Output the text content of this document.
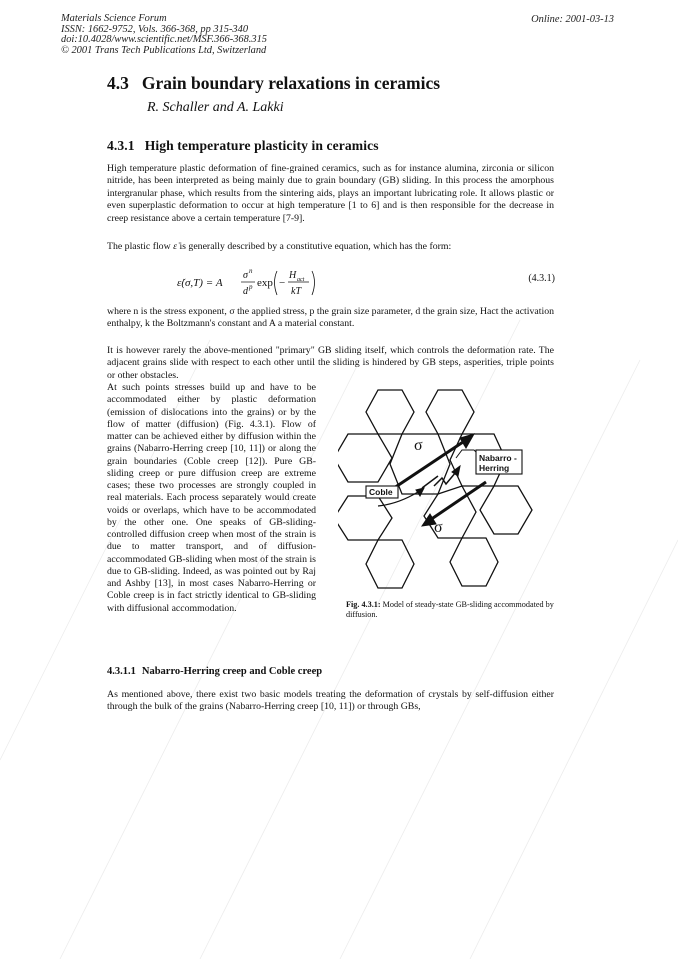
Materials Science Forum
ISSN: 1662-9752, Vols. 366-368, pp 315-340
doi:10.4028/www.scientific.net/MSF.366-368.315
© 2001 Trans Tech Publications Ltd, Switzerland
Online: 2001-03-13
4.3 Grain boundary relaxations in ceramics
R. Schaller and A. Lakki
4.3.1 High temperature plasticity in ceramics

High temperature plastic deformation of fine-grained ceramics, such as for instance alumina, zirconia or silicon nitride, has been interpreted as being mainly due to grain boundary (GB) sliding. In this process the amorphous intergranular phase, which results from the sintering aids, plays an important lubricating role. It allows plastic or even superplastic deformation to occur at high temperature [1 to 6] and is then responsible for the decrease in creep resistance above a certain temperature [7-9].

The plastic flow ε̇ is generally described by a constitutive equation, which has the form:

ε̇(σ,T) = A
σ n
d p exp −
H act
kT
(4.3.1)

where n is the stress exponent, σ the applied stress, p the grain size parameter, d the grain size, Hact the activation enthalpy, k the Boltzmann's constant and A a material constant.

It is however rarely the above-mentioned "primary" GB sliding itself, which controls the deformation rate. The adjacent grains slide with respect to each other until the sliding is hindered by GB steps, asperities, triple points or other obstacles.

At such points stresses build up and have to be accommodated either by plastic deformation (emission of dislocations into the grains) or by the flow of matter (diffusion) (Fig. 4.3.1). Flow of matter can be achieved either by diffusion within the grains (Nabarro-Herring creep [10, 11]) or along the grain boundaries (Coble creep [12]). Pure GB-sliding creep or pure diffusion creep are extreme cases; these two processes are strongly coupled in real materials. Each process separately would create voids or overlaps, which have to be accommodated by the other one. One speaks of GB-sliding-controlled diffusion creep when most of the strain is due to matter transport, and of diffusion-accommodated GB-sliding when most of the strain is due to GB-sliding. Indeed, as was pointed out by Raj and Ashby [13], in most cases Nabarro-Herring or Coble creep is in fact strictly identical to GB-sliding with diffusional accommodation.

σ
σ
Nabarro -
Herring
Coble

Fig. 4.3.1: Model of steady-state GB-sliding accommodated by diffusion.

4.3.1.1 Nabarro-Herring creep and Coble creep

As mentioned above, there exist two basic models treating the deformation of crystals by self-diffusion either through the bulk of the grains (Nabarro-Herring creep [10, 11]) or through GBs,
